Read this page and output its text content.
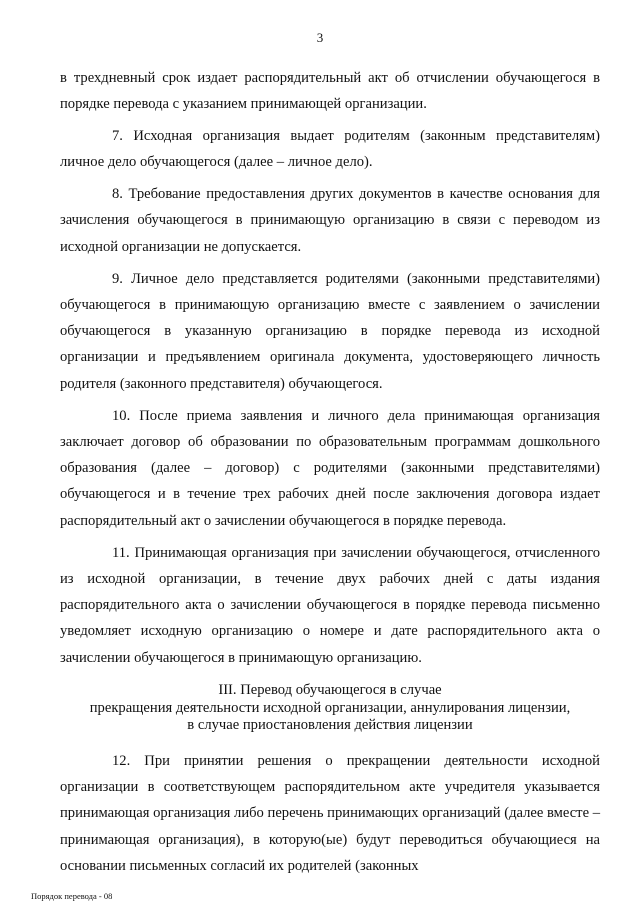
3

в трехдневный срок издает распорядительный акт об отчислении обучающегося в порядке перевода с указанием принимающей организации.

7. Исходная организация выдает родителям (законным представителям) личное дело обучающегося (далее – личное дело).

8. Требование предоставления других документов в качестве основания для зачисления обучающегося в принимающую организацию в связи с переводом из исходной организации не допускается.

9. Личное дело представляется родителями (законными представителями) обучающегося в принимающую организацию вместе с заявлением о зачислении обучающегося в указанную организацию в порядке перевода из исходной организации и предъявлением оригинала документа, удостоверяющего личность родителя (законного представителя) обучающегося.

10. После приема заявления и личного дела принимающая организация заключает договор об образовании по образовательным программам дошкольного образования (далее – договор) с родителями (законными представителями) обучающегося и в течение трех рабочих дней после заключения договора издает распорядительный акт о зачислении обучающегося в порядке перевода.

11. Принимающая организация при зачислении обучающегося, отчисленного из исходной организации, в течение двух рабочих дней с даты издания распорядительного акта о зачислении обучающегося в порядке перевода письменно уведомляет исходную организацию о номере и дате распорядительного акта о зачислении обучающегося в принимающую организацию.

III. Перевод обучающегося в случае
прекращения деятельности исходной организации, аннулирования лицензии,
в случае приостановления действия лицензии

12. При принятии решения о прекращении деятельности исходной организации в соответствующем распорядительном акте учредителя указывается принимающая организация либо перечень принимающих организаций (далее вместе – принимающая организация), в которую(ые) будут переводиться обучающиеся на основании письменных согласий их родителей (законных

Порядок перевода - 08
